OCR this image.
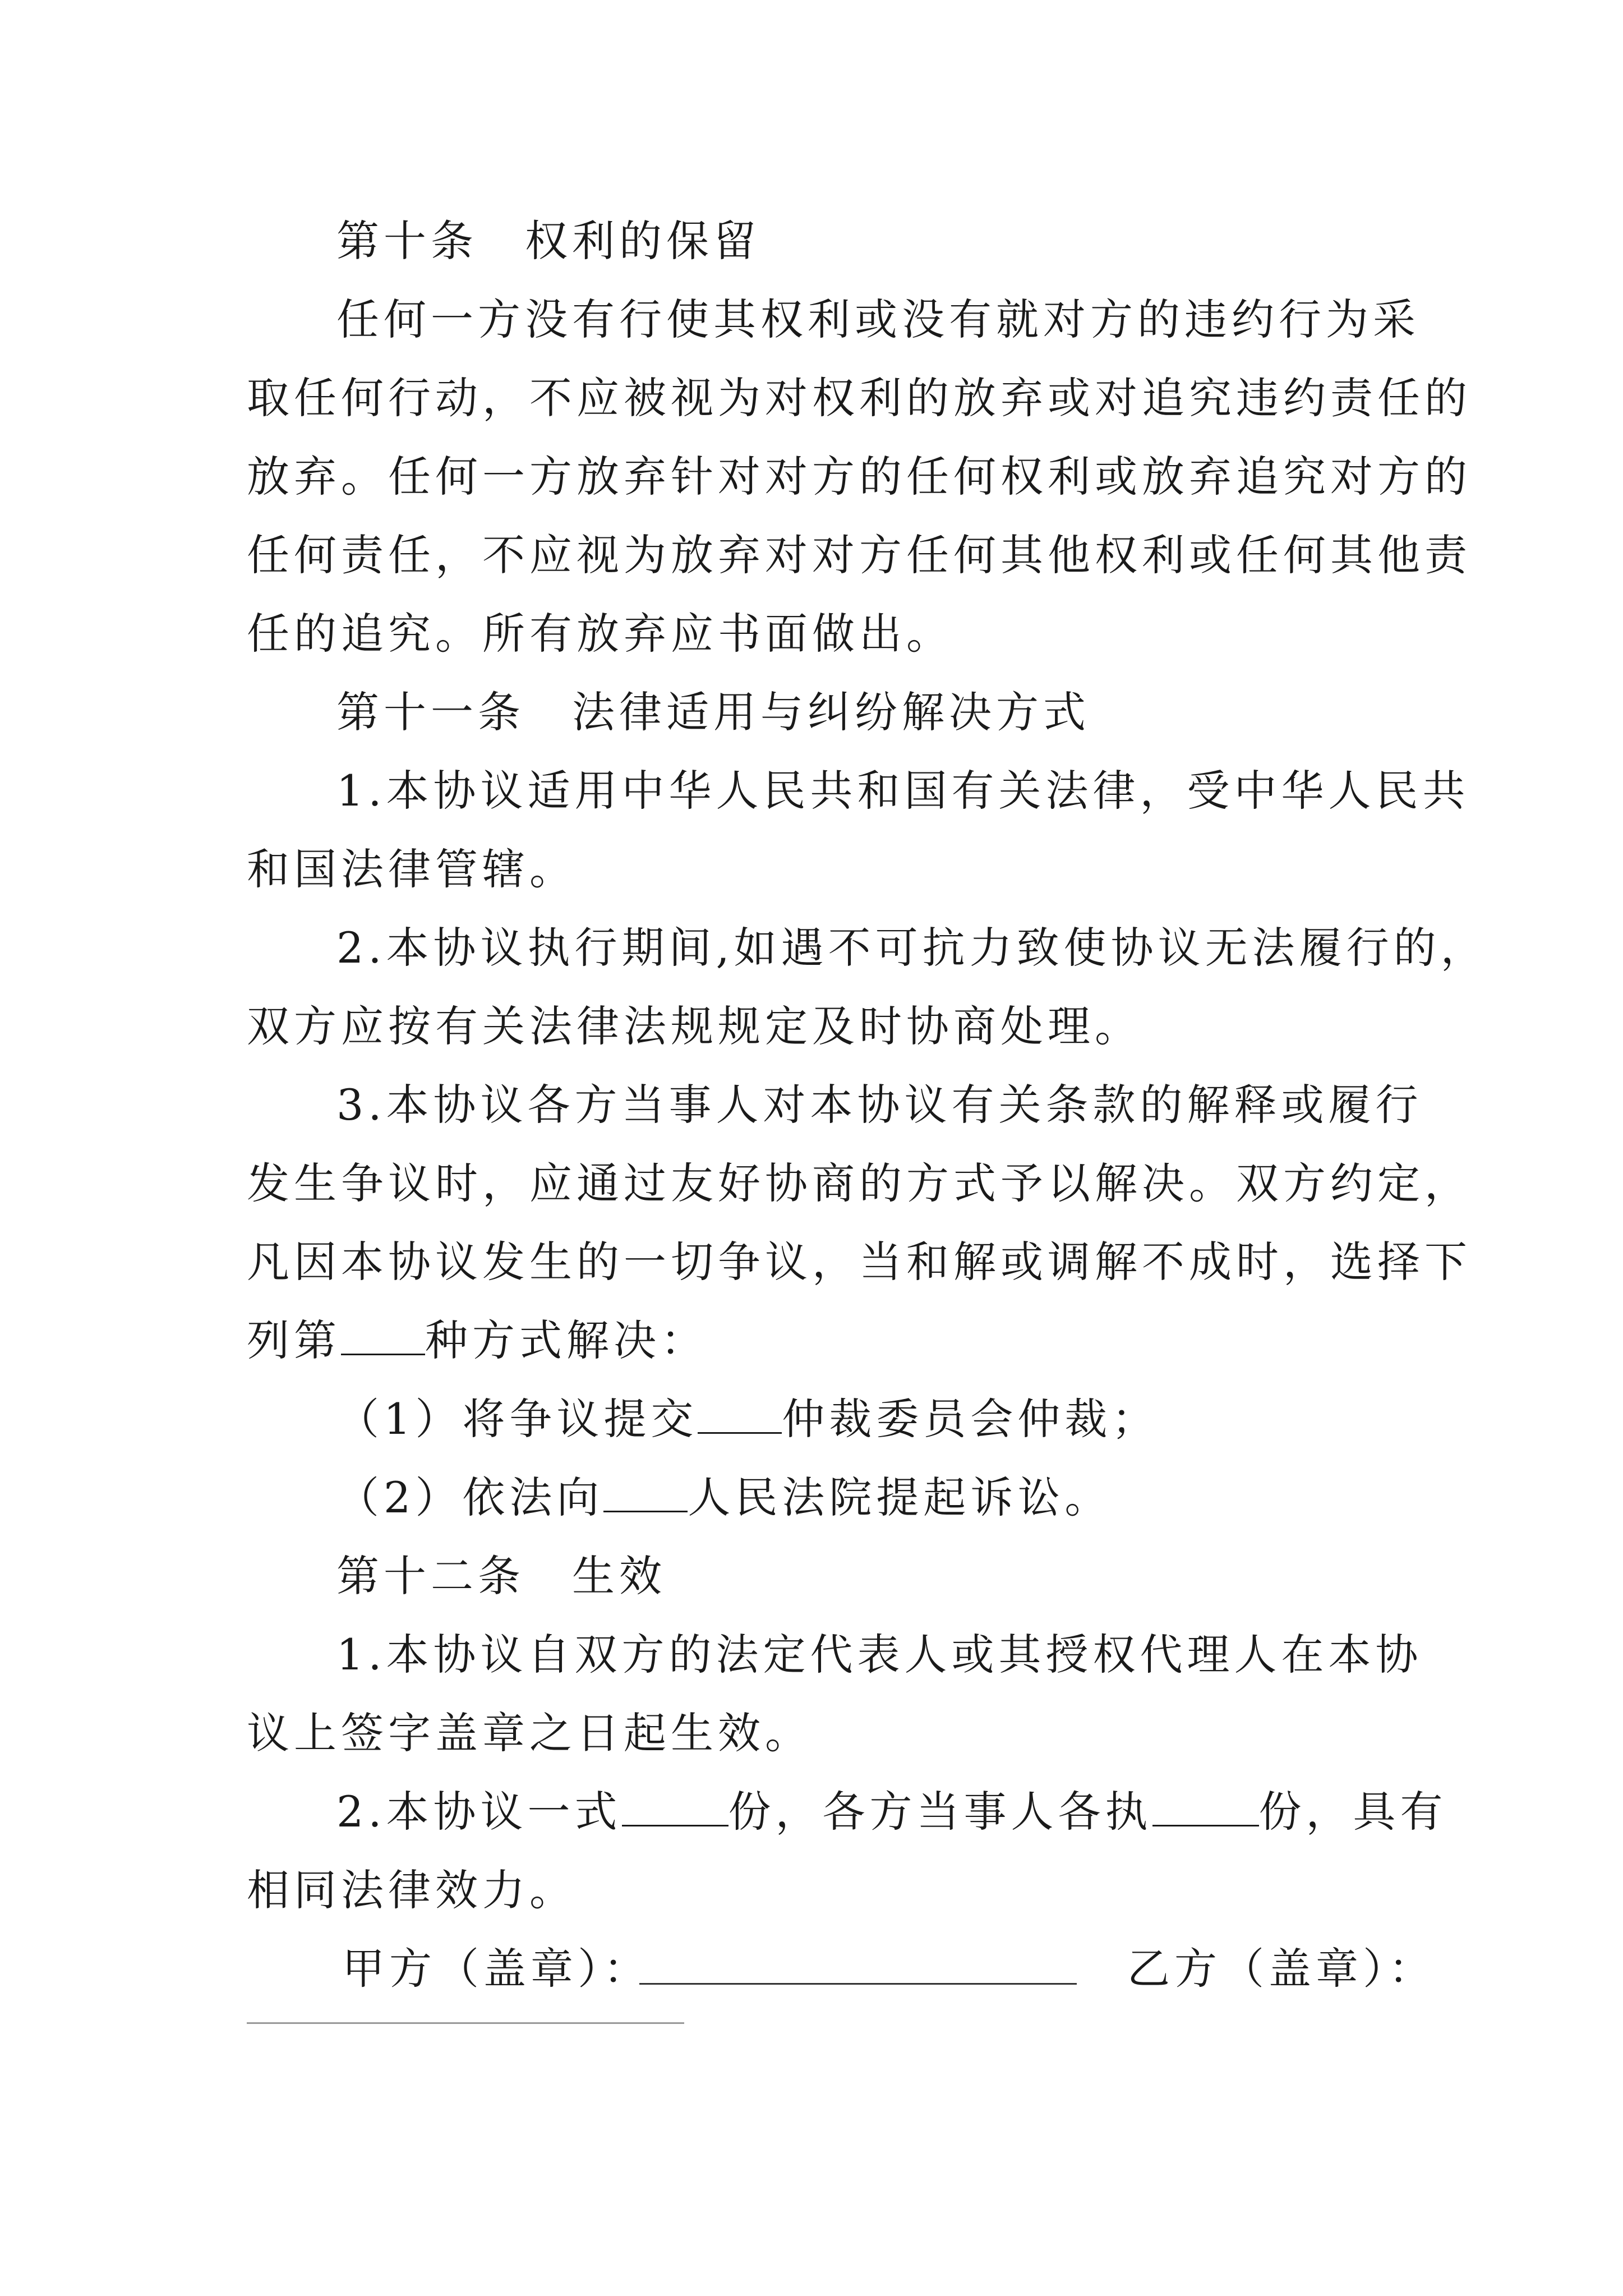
第十条　权利的保留
任何一方没有行使其权利或没有就对方的违约行为采
取任何行动，不应被视为对权利的放弃或对追究违约责任的
放弃。任何一方放弃针对对方的任何权利或放弃追究对方的
任何责任，不应视为放弃对对方任何其他权利或任何其他责
任的追究。所有放弃应书面做出。
第十一条　法律适用与纠纷解决方式
1.本协议适用中华人民共和国有关法律，受中华人民共
和国法律管辖。
2.本协议执行期间,如遇不可抗力致使协议无法履行的，
双方应按有关法律法规规定及时协商处理。
3.本协议各方当事人对本协议有关条款的解释或履行
发生争议时，应通过友好协商的方式予以解决。双方约定，
凡因本协议发生的一切争议，当和解或调解不成时，选择下
列第 种方式解决：
（1）将争议提交 仲裁委员会仲裁；
（2）依法向 人民法院提起诉讼。
第十二条　生效
1.本协议自双方的法定代表人或其授权代理人在本协
议上签字盖章之日起生效。
2.本协议一式	份，各方当事人各执	份，具有
相同法律效力。
甲方（盖章）：	乙方（盖章）：
